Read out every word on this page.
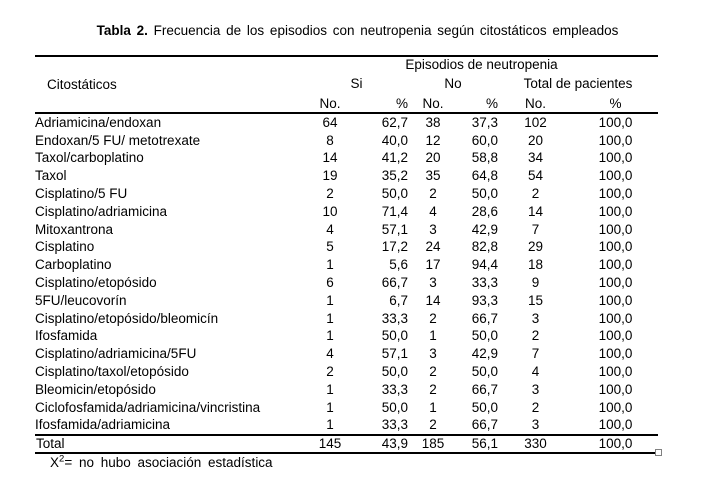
Tabla 2. Frecuencia de los episodios con neutropenia según citostáticos empleados
Citostáticos	Episodios de neutropenia					
	Si		No		Total de pacientes	
	No.	%	No.	%	No.	%
Adriamicina/endoxan	64	62,7	38	37,3	102	100,0
Endoxan/5 FU/ metotrexate	8	40,0	12	60,0	20	100,0
Taxol/carboplatino	14	41,2	20	58,8	34	100,0
Taxol	19	35,2	35	64,8	54	100,0
Cisplatino/5 FU	2	50,0	2	50,0	2	100,0
Cisplatino/adriamicina	10	71,4	4	28,6	14	100,0
Mitoxantrona	4	57,1	3	42,9	7	100,0
Cisplatino	5	17,2	24	82,8	29	100,0
Carboplatino	1	5,6	17	94,4	18	100,0
Cisplatino/etopósido	6	66,7	3	33,3	9	100,0
5FU/leucovorín	1	6,7	14	93,3	15	100,0
Cisplatino/etopósido/bleomicín	1	33,3	2	66,7	3	100,0
Ifosfamida	1	50,0	1	50,0	2	100,0
Cisplatino/adriamicina/5FU	4	57,1	3	42,9	7	100,0
Cisplatino/taxol/etopósido	2	50,0	2	50,0	4	100,0
Bleomicin/etopósido	1	33,3	2	66,7	3	100,0
Ciclofosfamida/adriamicina/vincristina	1	50,0	1	50,0	2	100,0
Ifosfamida/adriamicina	1	33,3	2	66,7	3	100,0
Total	145	43,9	185	56,1	330	100,0
$X^2=$ no hubo asociación estadística
